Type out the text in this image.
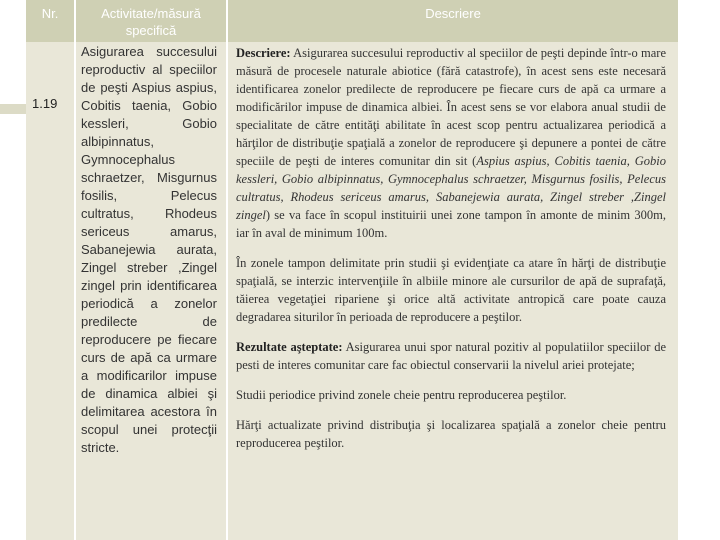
Nr.	Activitate/măsură specifică
Descriere
1.19
Asigurarea succesului reproductiv al speciilor de peşti Aspius aspius, Cobitis taenia, Gobio kessleri, Gobio albipinnatus, Gymnocephalus schraetzer, Misgurnus fosilis, Pelecus cultratus, Rhodeus sericeus amarus, Sabanejewia aurata, Zingel streber ,Zingel zingel prin identificarea periodică a zonelor predilecte de reproducere pe fiecare curs de apă ca urmare a modificarilor impuse de dinamica albiei şi delimitarea acestora în scopul unei protecţii stricte.

Descriere: Asigurarea succesului reproductiv al speciilor de peşti depinde într-o mare măsură de procesele naturale abiotice (fără catastrofe), în acest sens este necesară identificarea zonelor predilecte de reproducere pe fiecare curs de apă ca urmare a modificărilor impuse de dinamica albiei. În acest sens se vor elabora anual studii de specialitate de către entităţi abilitate în acest scop pentru actualizarea periodică a hărţilor de distribuţie spaţială a zonelor de reproducere şi depunere a pontei de către speciile de peşti de interes comunitar din sit (Aspius aspius, Cobitis taenia, Gobio kessleri, Gobio albipinnatus, Gymnocephalus schraetzer, Misgurnus fosilis, Pelecus cultratus, Rhodeus sericeus amarus, Sabanejewia aurata, Zingel streber ,Zingel zingel) se va face în scopul instituirii unei zone tampon în amonte de minim 300m, iar în aval de minimum 100m.

În zonele tampon delimitate prin studii şi evidenţiate ca atare în hărţi de distribuţie spaţială, se interzic intervenţiile în albiile minore ale cursurilor de apă de suprafaţă, tăierea vegetaţiei ripariene şi orice altă activitate antropică care poate cauza degradarea siturilor în perioada de reproducere a peştilor.

Rezultate aşteptate: Asigurarea unui spor natural pozitiv al populatiilor speciilor de pesti de interes comunitar care fac obiectul conservarii la nivelul ariei protejate;

Studii periodice privind zonele cheie pentru reproducerea peştilor.

Hărţi actualizate privind distribuţia şi localizarea spaţială a zonelor cheie pentru reproducerea peştilor.
